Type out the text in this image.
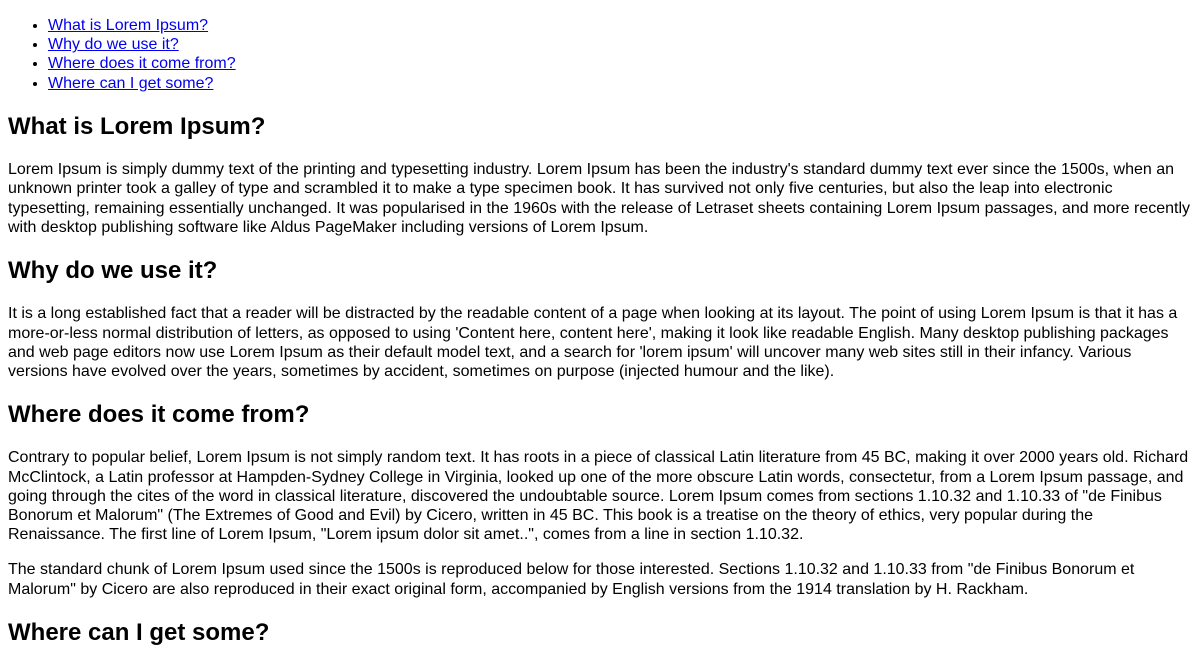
• What is Lorem Ipsum?
• Why do we use it?
• Where does it come from?
• Where can I get some?
What is Lorem Ipsum?

Lorem Ipsum is simply dummy text of the printing and typesetting industry. Lorem Ipsum has been the industry's standard dummy text ever since the 1500s, when an unknown printer took a galley of type and scrambled it to make a type specimen book. It has survived not only five centuries, but also the leap into electronic typesetting, remaining essentially unchanged. It was popularised in the 1960s with the release of Letraset sheets containing Lorem Ipsum passages, and more recently with desktop publishing software like Aldus PageMaker including versions of Lorem Ipsum.

Why do we use it?

It is a long established fact that a reader will be distracted by the readable content of a page when looking at its layout. The point of using Lorem Ipsum is that it has a more-or-less normal distribution of letters, as opposed to using 'Content here, content here', making it look like readable English. Many desktop publishing packages and web page editors now use Lorem Ipsum as their default model text, and a search for 'lorem ipsum' will uncover many web sites still in their infancy. Various versions have evolved over the years, sometimes by accident, sometimes on purpose (injected humour and the like).

Where does it come from?

Contrary to popular belief, Lorem Ipsum is not simply random text. It has roots in a piece of classical Latin literature from 45 BC, making it over 2000 years old. Richard McClintock, a Latin professor at Hampden-Sydney College in Virginia, looked up one of the more obscure Latin words, consectetur, from a Lorem Ipsum passage, and going through the cites of the word in classical literature, discovered the undoubtable source. Lorem Ipsum comes from sections 1.10.32 and 1.10.33 of "de Finibus Bonorum et Malorum" (The Extremes of Good and Evil) by Cicero, written in 45 BC. This book is a treatise on the theory of ethics, very popular during the Renaissance. The first line of Lorem Ipsum, "Lorem ipsum dolor sit amet..", comes from a line in section 1.10.32.

The standard chunk of Lorem Ipsum used since the 1500s is reproduced below for those interested. Sections 1.10.32 and 1.10.33 from "de Finibus Bonorum et Malorum" by Cicero are also reproduced in their exact original form, accompanied by English versions from the 1914 translation by H. Rackham.

Where can I get some?
